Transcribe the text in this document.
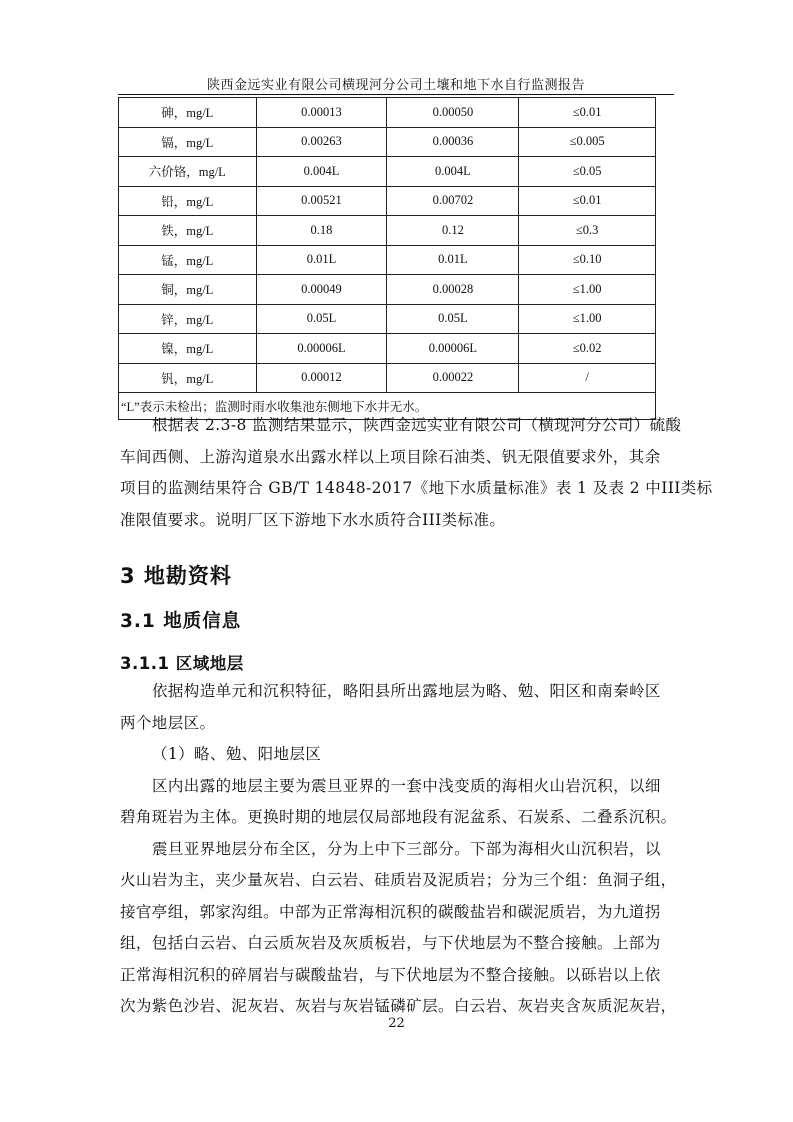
陕西金远实业有限公司横现河分公司土壤和地下水自行监测报告
砷，mg/L	0.00013	0.00050	≤0.01
镉，mg/L	0.00263	0.00036	≤0.005
六价铬，mg/L	0.004L	0.004L	≤0.05
铅，mg/L	0.00521	0.00702	≤0.01
铁，mg/L	0.18	0.12	≤0.3
锰，mg/L	0.01L	0.01L	≤0.10
铜，mg/L	0.00049	0.00028	≤1.00
锌，mg/L	0.05L	0.05L	≤1.00
镍，mg/L	0.00006L	0.00006L	≤0.02
钒，mg/L	0.00012	0.00022	/
“L”表示未检出；监测时雨水收集池东侧地下水井无水。			
根据表 2.3-8 监测结果显示，陕西金远实业有限公司（横现河分公司）硫酸
车间西侧、上游沟道泉水出露水样以上项目除石油类、钒无限值要求外，其余
项目的监测结果符合 GB/T 14848-2017《地下水质量标准》表 1 及表 2 中III类标
准限值要求。说明厂区下游地下水水质符合III类标准。
3 地勘资料
3.1 地质信息
3.1.1 区域地层
依据构造单元和沉积特征，略阳县所出露地层为略、勉、阳区和南秦岭区
两个地层区。
（1）略、勉、阳地层区
区内出露的地层主要为震旦亚界的一套中浅变质的海相火山岩沉积，以细
碧角斑岩为主体。更换时期的地层仅局部地段有泥盆系、石炭系、二叠系沉积。
震旦亚界地层分布全区，分为上中下三部分。下部为海相火山沉积岩，以
火山岩为主，夹少量灰岩、白云岩、硅质岩及泥质岩；分为三个组：鱼洞子组，
接官亭组，郭家沟组。中部为正常海相沉积的碳酸盐岩和碳泥质岩，为九道拐
组，包括白云岩、白云质灰岩及灰质板岩，与下伏地层为不整合接触。上部为
正常海相沉积的碎屑岩与碳酸盐岩，与下伏地层为不整合接触。以砾岩以上依
次为紫色沙岩、泥灰岩、灰岩与灰岩锰磷矿层。白云岩、灰岩夹含灰质泥灰岩，
22
